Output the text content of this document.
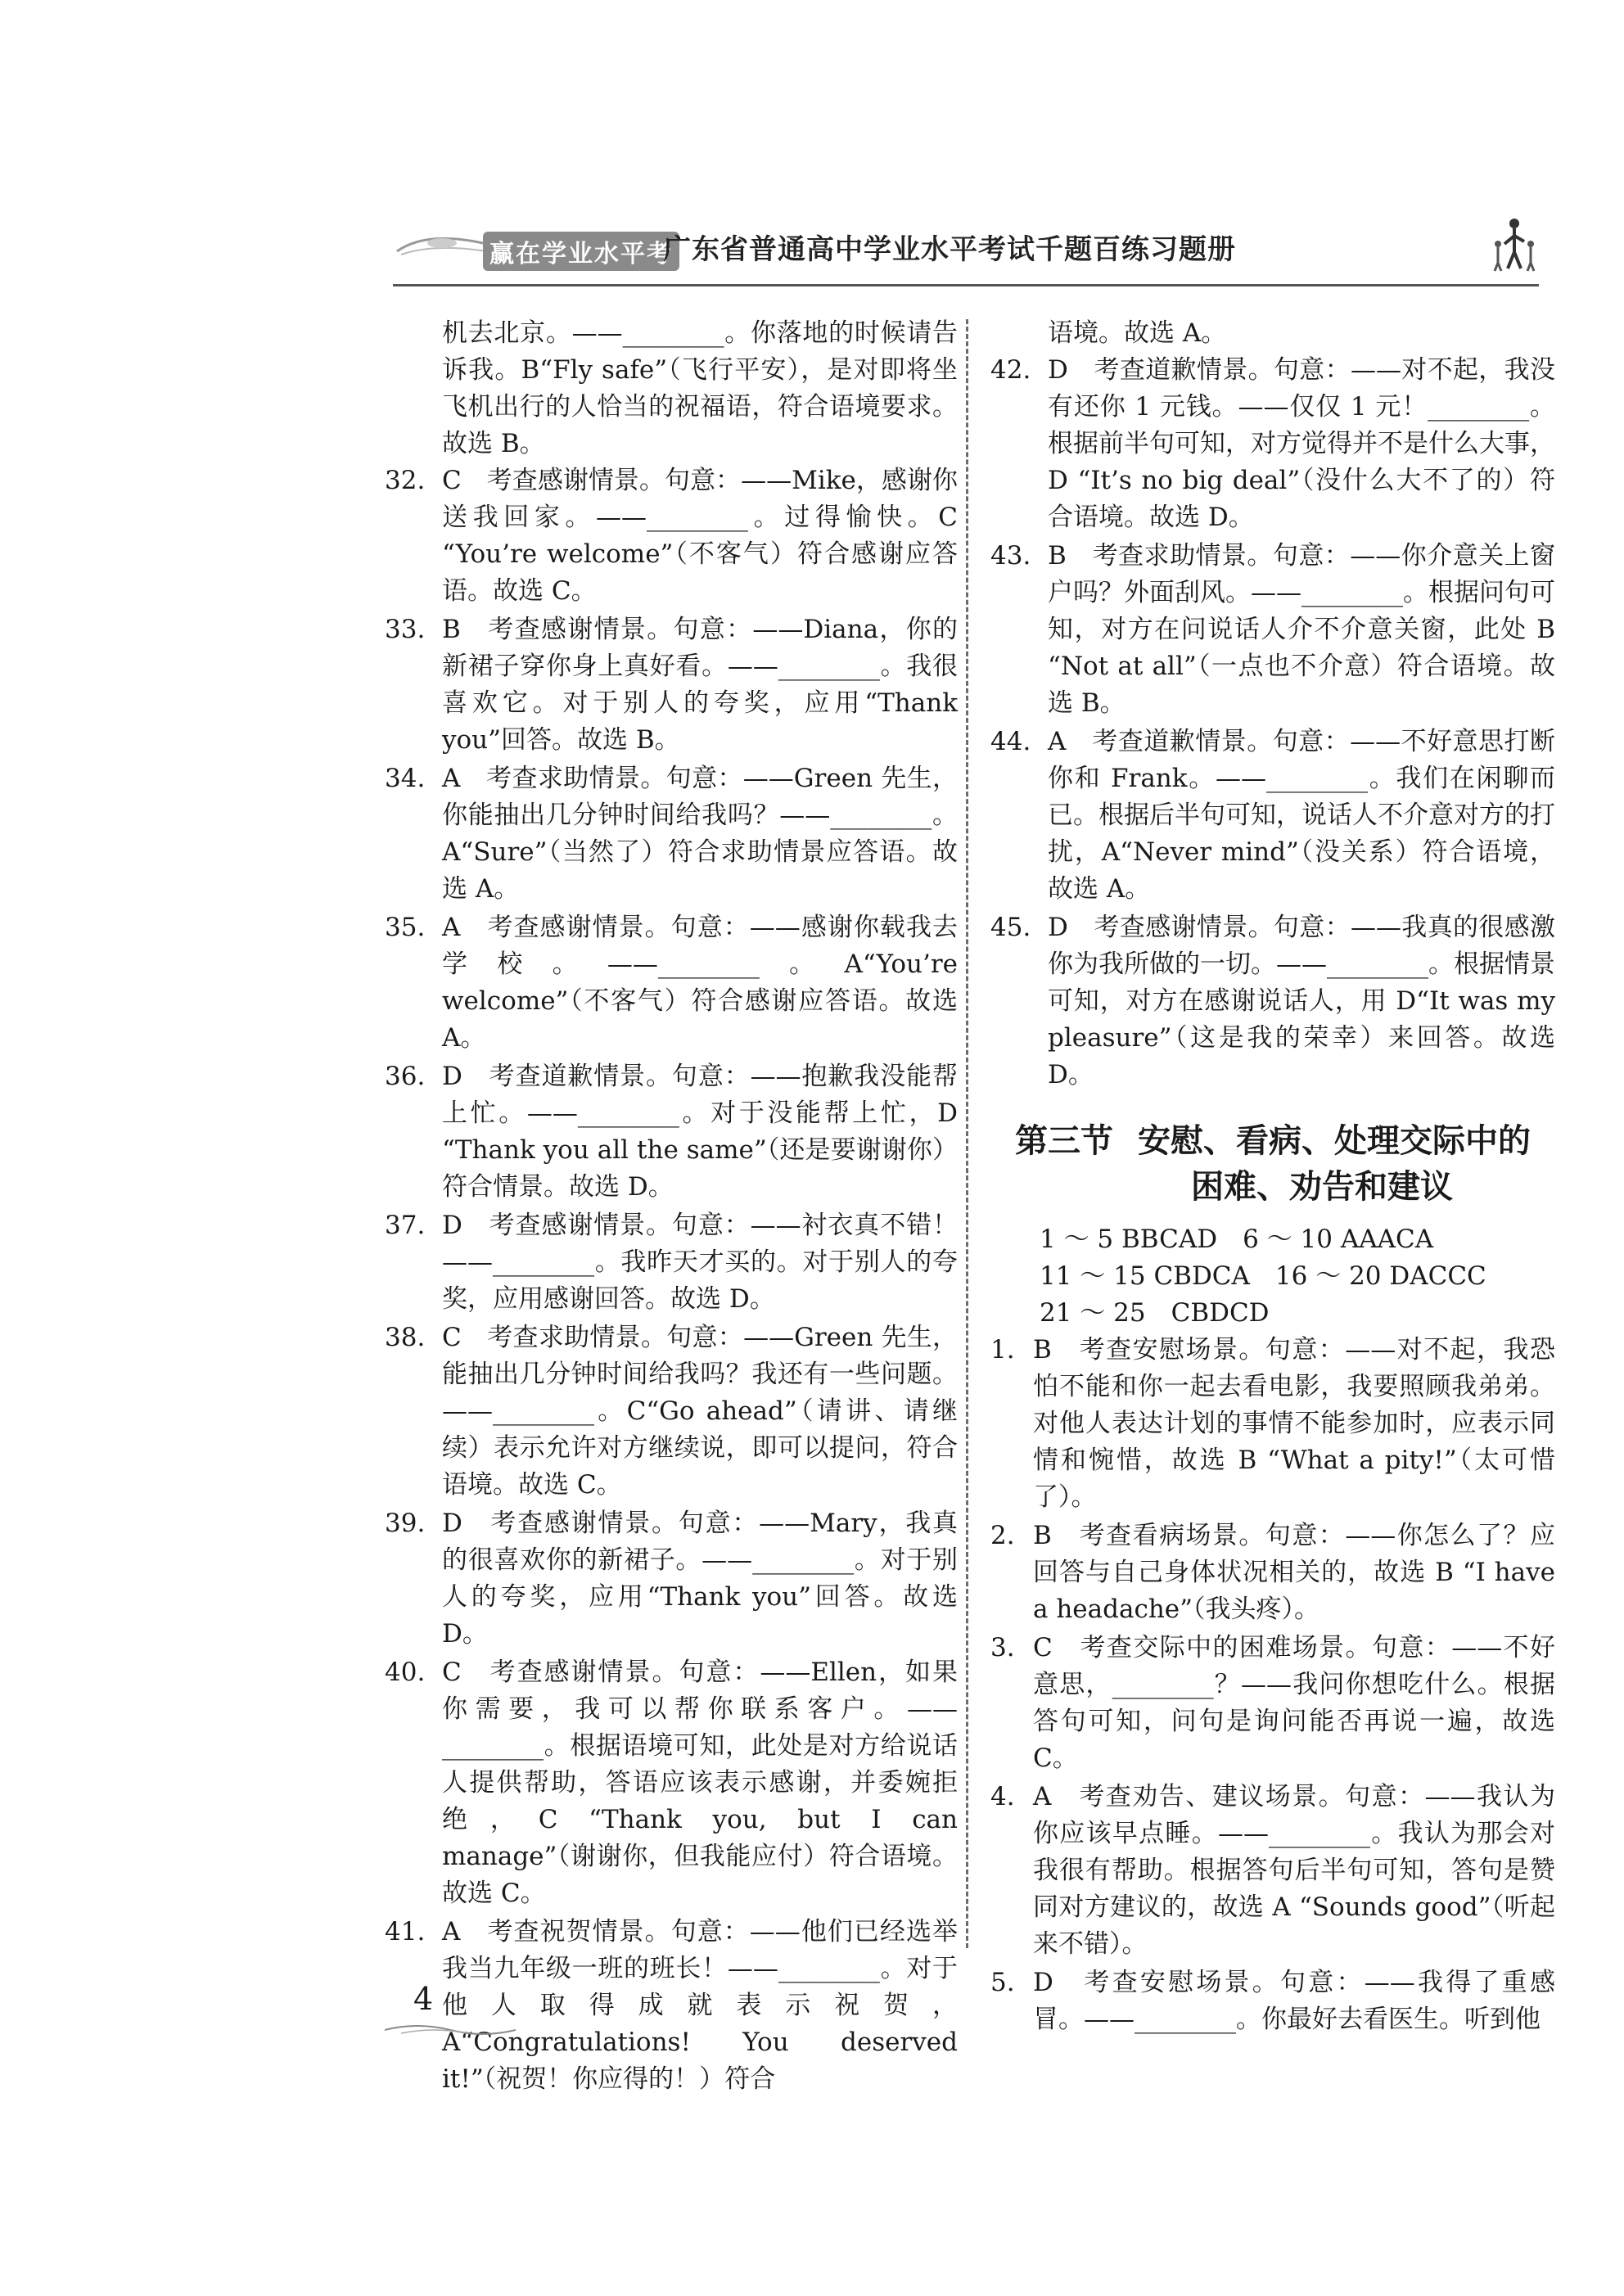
赢在学业水平考
广东省普通高中学业水平考试千题百练习题册
机去北京。——________。你落地的时候请告诉我。B“Fly safe”（飞行平安），是对即将坐飞机出行的人恰当的祝福语，符合语境要求。故选 B。
32. C　考查感谢情景。句意：——Mike，感谢你送我回家。——________。过得愉快。C “You’re welcome”（不客气）符合感谢应答语。故选 C。
33. B　考查感谢情景。句意：——Diana，你的新裙子穿你身上真好看。——________。我很喜欢它。对于别人的夸奖，应用“Thank you”回答。故选 B。
34. A　考查求助情景。句意：——Green 先生，你能抽出几分钟时间给我吗？——________。A“Sure”（当然了）符合求助情景应答语。故选 A。
35. A　考查感谢情景。句意：——感谢你载我去学校。——________。A“You’re welcome”（不客气）符合感谢应答语。故选 A。
36. D　考查道歉情景。句意：——抱歉我没能帮上忙。——________。对于没能帮上忙，D “Thank you all the same”（还是要谢谢你）符合情景。故选 D。
37. D　考查感谢情景。句意：——衬衣真不错！——________。我昨天才买的。对于别人的夸奖，应用感谢回答。故选 D。
38. C　考查求助情景。句意：——Green 先生，能抽出几分钟时间给我吗？我还有一些问题。——________。C“Go ahead”（请讲、请继续）表示允许对方继续说，即可以提问，符合语境。故选 C。
39. D　考查感谢情景。句意：——Mary，我真的很喜欢你的新裙子。——________。对于别人的夸奖，应用“Thank you”回答。故选 D。
40. C　考查感谢情景。句意：——Ellen，如果你需要，我可以帮你联系客户。——________。根据语境可知，此处是对方给说话人提供帮助，答语应该表示感谢，并委婉拒绝，C “Thank you, but I can manage”（谢谢你，但我能应付）符合语境。故选 C。
41. A　考查祝贺情景。句意：——他们已经选举我当九年级一班的班长！——________。对于他人取得成就表示祝贺，A“Congratulations! You deserved it!”（祝贺！你应得的！）符合
语境。故选 A。
42. D　考查道歉情景。句意：——对不起，我没有还你 1 元钱。——仅仅 1 元！________。根据前半句可知，对方觉得并不是什么大事，D “It’s no big deal”（没什么大不了的）符合语境。故选 D。
43. B　考查求助情景。句意：——你介意关上窗户吗？外面刮风。——________。根据问句可知，对方在问说话人介不介意关窗，此处 B “Not at all”（一点也不介意）符合语境。故选 B。
44. A　考查道歉情景。句意：——不好意思打断你和 Frank。——________。我们在闲聊而已。根据后半句可知，说话人不介意对方的打扰，A“Never mind”（没关系）符合语境，故选 A。
45. D　考查感谢情景。句意：——我真的很感激你为我所做的一切。——________。根据情景可知，对方在感谢说话人，用 D“It was my pleasure”（这是我的荣幸）来回答。故选 D。
第三节 安慰、看病、处理交际中的
困难、劝告和建议
1 ～ 5 BBCAD　6 ～ 10 AAACA
11 ～ 15 CBDCA　16 ～ 20 DACCC
21 ～ 25　CBDCD
1. B　考查安慰场景。句意：——对不起，我恐怕不能和你一起去看电影，我要照顾我弟弟。对他人表达计划的事情不能参加时，应表示同情和惋惜，故选 B “What a pity!”（太可惜了）。
2. B　考查看病场景。句意：——你怎么了？应回答与自己身体状况相关的，故选 B “I have a headache”（我头疼）。
3. C　考查交际中的困难场景。句意：——不好意思，________？——我问你想吃什么。根据答句可知，问句是询问能否再说一遍，故选 C。
4. A　考查劝告、建议场景。句意：——我认为你应该早点睡。——________。我认为那会对我很有帮助。根据答句后半句可知，答句是赞同对方建议的，故选 A “Sounds good”（听起来不错）。
5. D　考查安慰场景。句意：——我得了重感冒。——________。你最好去看医生。听到他
4
